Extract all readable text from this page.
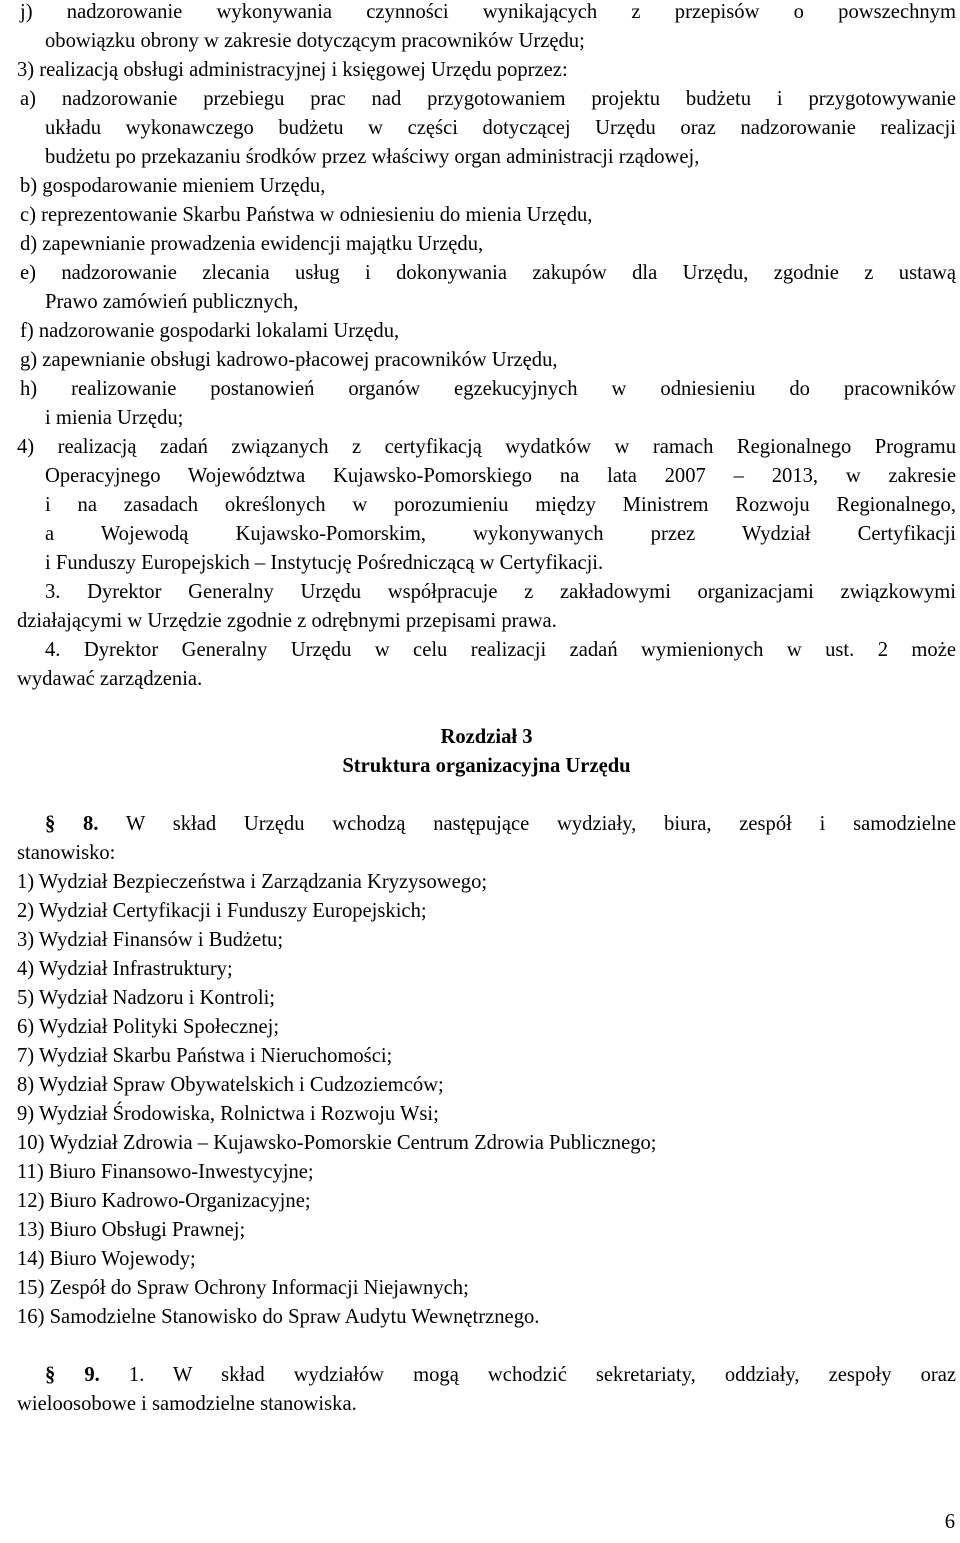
j) nadzorowanie wykonywania czynności wynikających z przepisów o powszechnym
obowiązku obrony w zakresie dotyczącym pracowników Urzędu;
3) realizacją obsługi administracyjnej i księgowej Urzędu poprzez:
a) nadzorowanie przebiegu prac nad przygotowaniem projektu budżetu i przygotowywanie
układu wykonawczego budżetu w części dotyczącej Urzędu oraz nadzorowanie realizacji
budżetu po przekazaniu środków przez właściwy organ administracji rządowej,
b) gospodarowanie mieniem Urzędu,
c) reprezentowanie Skarbu Państwa w odniesieniu do mienia Urzędu,
d) zapewnianie prowadzenia ewidencji majątku Urzędu,
e) nadzorowanie zlecania usług i dokonywania zakupów dla Urzędu, zgodnie z ustawą
Prawo zamówień publicznych,
f) nadzorowanie gospodarki lokalami Urzędu,
g) zapewnianie obsługi kadrowo-płacowej pracowników Urzędu,
h) realizowanie postanowień organów egzekucyjnych w odniesieniu do pracowników
i mienia Urzędu;
4) realizacją zadań związanych z certyfikacją wydatków w ramach Regionalnego Programu
Operacyjnego Województwa Kujawsko-Pomorskiego na lata 2007 – 2013, w zakresie
i na zasadach określonych w porozumieniu między Ministrem Rozwoju Regionalnego,
a Wojewodą Kujawsko-Pomorskim, wykonywanych przez Wydział Certyfikacji
i Funduszy Europejskich – Instytucję Pośredniczącą w Certyfikacji.
3. Dyrektor Generalny Urzędu współpracuje z zakładowymi organizacjami związkowymi
działającymi w Urzędzie zgodnie z odrębnymi przepisami prawa.
4. Dyrektor Generalny Urzędu w celu realizacji zadań wymienionych w ust. 2 może
wydawać zarządzenia.
Rozdział 3
Struktura organizacyjna Urzędu
§ 8. W skład Urzędu wchodzą następujące wydziały, biura, zespół i samodzielne
stanowisko:
1) Wydział Bezpieczeństwa i Zarządzania Kryzysowego;
2) Wydział Certyfikacji i Funduszy Europejskich;
3) Wydział Finansów i Budżetu;
4) Wydział Infrastruktury;
5) Wydział Nadzoru i Kontroli;
6) Wydział Polityki Społecznej;
7) Wydział Skarbu Państwa i Nieruchomości;
8) Wydział Spraw Obywatelskich i Cudzoziemców;
9) Wydział Środowiska, Rolnictwa i Rozwoju Wsi;
10) Wydział Zdrowia – Kujawsko-Pomorskie Centrum Zdrowia Publicznego;
11) Biuro Finansowo-Inwestycyjne;
12) Biuro Kadrowo-Organizacyjne;
13) Biuro Obsługi Prawnej;
14) Biuro Wojewody;
15) Zespół do Spraw Ochrony Informacji Niejawnych;
16) Samodzielne Stanowisko do Spraw Audytu Wewnętrznego.
§ 9. 1. W skład wydziałów mogą wchodzić sekretariaty, oddziały, zespoły oraz
wieloosobowe i samodzielne stanowiska.
6
